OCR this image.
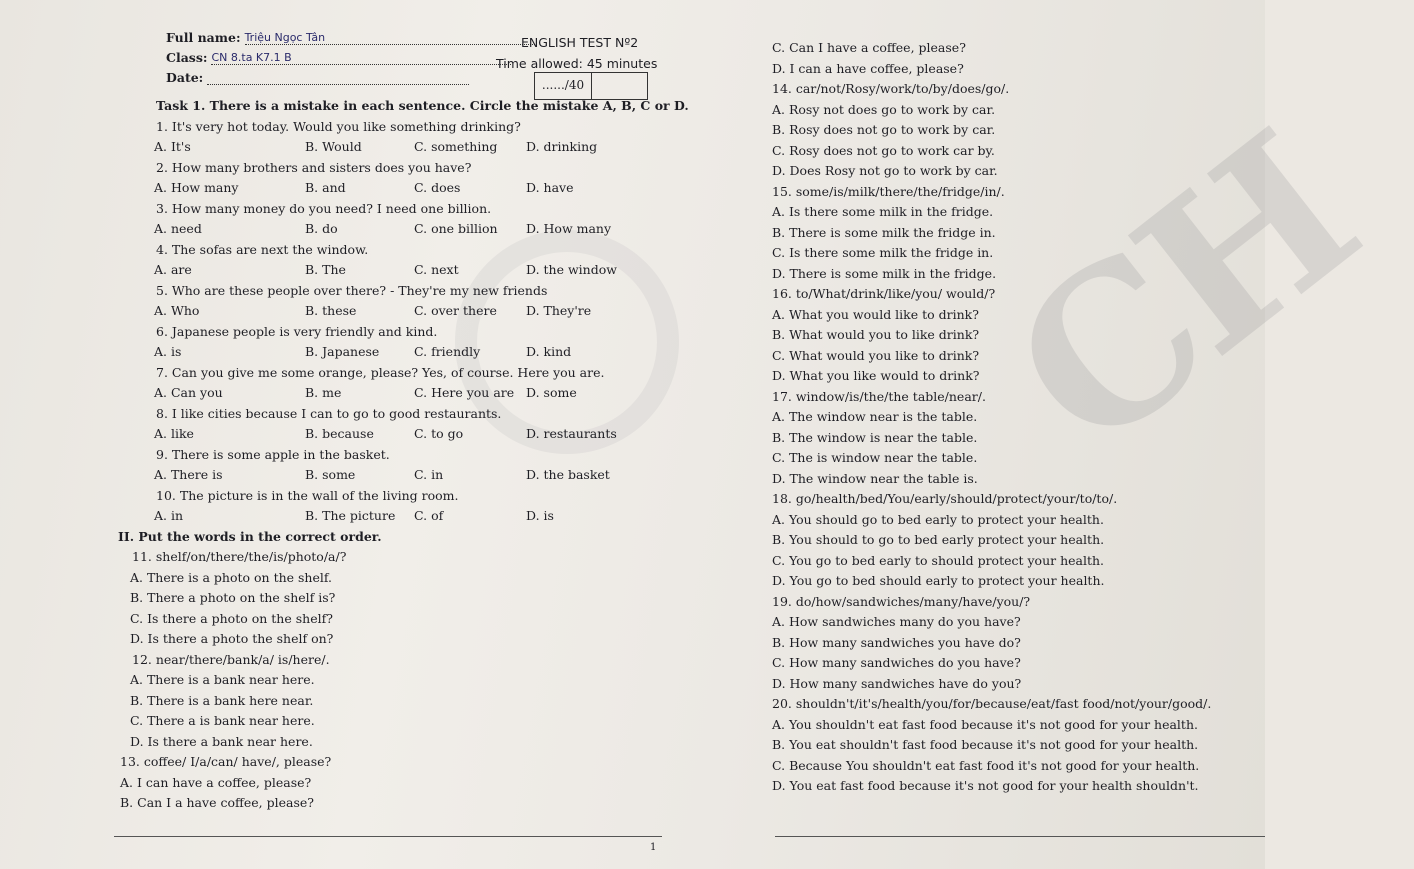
Full name: Triệu Ngọc Tân
Class: CN 8.ta K7.1 B
Date:
ENGLISH TEST Nº2
Time allowed: 45 minutes
....../40
Task 1. There is a mistake in each sentence. Circle the mistake A, B, C or D.
1. It's very hot today. Would you like something drinking?
A. It's	B. Would	C. something D. drinking
2. How many brothers and sisters does you have?
A. How many	B. and	C. does	D. have
3. How many money do you need? I need one billion.
A. need	B. do	C. one billion D. How many
4. The sofas are next the window.
A. are	B. The	C. next	D. the window
5. Who are these people over there? - They're my new friends
A. Who	B. these	C. over there D. They're
6. Japanese people is very friendly and kind.
A. is	B. Japanese	C. friendly	D. kind
7. Can you give me some orange, please? Yes, of course. Here you are.
A. Can you	B. me	C. Here you are D. some
8. I like cities because I can to go to good restaurants.
A. like	B. because	C. to go	D. restaurants
9. There is some apple in the basket.
A. There is	B. some	C. in	D. the basket
10. The picture is in the wall of the living room.
A. in	B. The picture C. of	D. is
II. Put the words in the correct order.
11. shelf/on/there/the/is/photo/a/?
A. There is a photo on the shelf.
B. There a photo on the shelf is?
C. Is there a photo on the shelf?
D. Is there a photo the shelf on?
12. near/there/bank/a/ is/here/.
A. There is a bank near here.
B. There is a bank here near.
C. There a is bank near here.
D. Is there a bank near here.
13. coffee/ I/a/can/ have/, please?
A. I can have a coffee, please?
B. Can I a have coffee, please?
C. Can I have a coffee, please?
D. I can a have coffee, please?
14. car/not/Rosy/work/to/by/does/go/.
A. Rosy not does go to work by car.
B. Rosy does not go to work by car.
C. Rosy does not go to work car by.
D. Does Rosy not go to work by car.
15. some/is/milk/there/the/fridge/in/.
A. Is there some milk in the fridge.
B. There is some milk the fridge in.
C. Is there some milk the fridge in.
D. There is some milk in the fridge.
16. to/What/drink/like/you/ would/?
A. What you would like to drink?
B. What would you to like drink?
C. What would you like to drink?
D. What you like would to drink?
17. window/is/the/the table/near/.
A. The window near is the table.
B. The window is near the table.
C. The is window near the table.
D. The window near the table is.
18. go/health/bed/You/early/should/protect/your/to/to/.
A. You should go to bed early to protect your health.
B. You should to go to bed early protect your health.
C. You go to bed early to should protect your health.
D. You go to bed should early to protect your health.
19. do/how/sandwiches/many/have/you/?
A. How sandwiches many do you have?
B. How many sandwiches you have do?
C. How many sandwiches do you have?
D. How many sandwiches have do you?
20. shouldn't/it's/health/you/for/because/eat/fast food/not/your/good/.
A. You shouldn't eat fast food because it's not good for your health.
B. You eat shouldn't fast food because it's not good for your health.
C. Because You shouldn't eat fast food it's not good for your health.
D. You eat fast food because it's not good for your health shouldn't.
1
